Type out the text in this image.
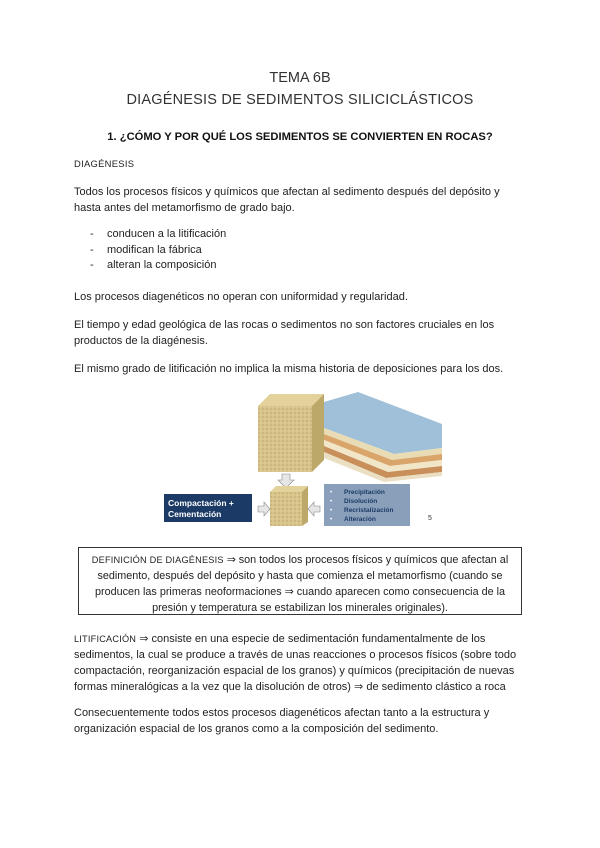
TEMA 6B
DIAGÉNESIS DE SEDIMENTOS SILICICLÁSTICOS
1. ¿CÓMO Y POR QUÉ LOS SEDIMENTOS SE CONVIERTEN EN ROCAS?
DIAGÉNESIS
Todos los procesos físicos y químicos que afectan al sedimento después del depósito y
hasta antes del metamorfismo de grado bajo.
- conducen a la litificación
- modifican la fábrica
- alteran la composición
Los procesos diagenéticos no operan con uniformidad y regularidad.
El tiempo y edad geológica de las rocas o sedimentos no son factores cruciales en los
productos de la diagénesis.
El mismo grado de litificación no implica la misma historia de deposiciones para los dos.
Compactación +
Cementación
• Precipitación
• Disolución
• Recristalización
• Alteración	5
DEFINICIÓN DE DIAGÉNESIS ⇒ son todos los procesos físicos y químicos que afectan al
sedimento, después del depósito y hasta que comienza el metamorfismo (cuando se
producen las primeras neoformaciones ⇒ cuando aparecen como consecuencia de la
presión y temperatura se estabilizan los minerales originales).
LITIFICACIÓN ⇒ consiste en una especie de sedimentación fundamentalmente de los
sedimentos, la cual se produce a través de unas reacciones o procesos físicos (sobre todo
compactación, reorganización espacial de los granos) y químicos (precipitación de nuevas
formas mineralógicas a la vez que la disolución de otros) ⇒ de sedimento clástico a roca
Consecuentemente todos estos procesos diagenéticos afectan tanto a la estructura y
organización espacial de los granos como a la composición del sedimento.
